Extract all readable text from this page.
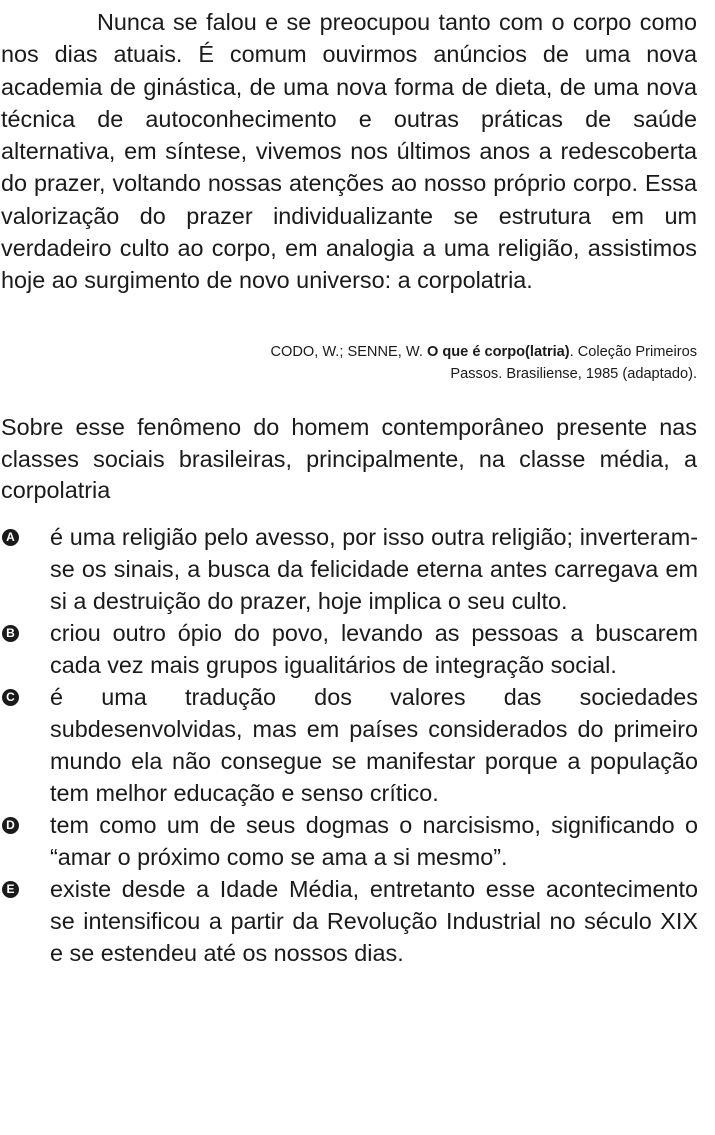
Nunca se falou e se preocupou tanto com o corpo como nos dias atuais. É comum ouvirmos anúncios de uma nova academia de ginástica, de uma nova forma de dieta, de uma nova técnica de autoconhecimento e outras práticas de saúde alternativa, em síntese, vivemos nos últimos anos a redescoberta do prazer, voltando nossas atenções ao nosso próprio corpo. Essa valorização do prazer individualizante se estrutura em um verdadeiro culto ao corpo, em analogia a uma religião, assistimos hoje ao surgimento de novo universo: a corpolatria.

CODO, W.; SENNE, W. O que é corpo(latria). Coleção Primeiros Passos. Brasiliense, 1985 (adaptado).

Sobre esse fenômeno do homem contemporâneo presente nas classes sociais brasileiras, principalmente, na classe média, a corpolatria

A é uma religião pelo avesso, por isso outra religião; inverteram-se os sinais, a busca da felicidade eterna antes carregava em si a destruição do prazer, hoje implica o seu culto.
B criou outro ópio do povo, levando as pessoas a buscarem cada vez mais grupos igualitários de integração social.
C é uma tradução dos valores das sociedades subdesenvolvidas, mas em países considerados do primeiro mundo ela não consegue se manifestar porque a população tem melhor educação e senso crítico.
D tem como um de seus dogmas o narcisismo, significando o “amar o próximo como se ama a si mesmo”.
E existe desde a Idade Média, entretanto esse acontecimento se intensificou a partir da Revolução Industrial no século XIX e se estendeu até os nossos dias.
